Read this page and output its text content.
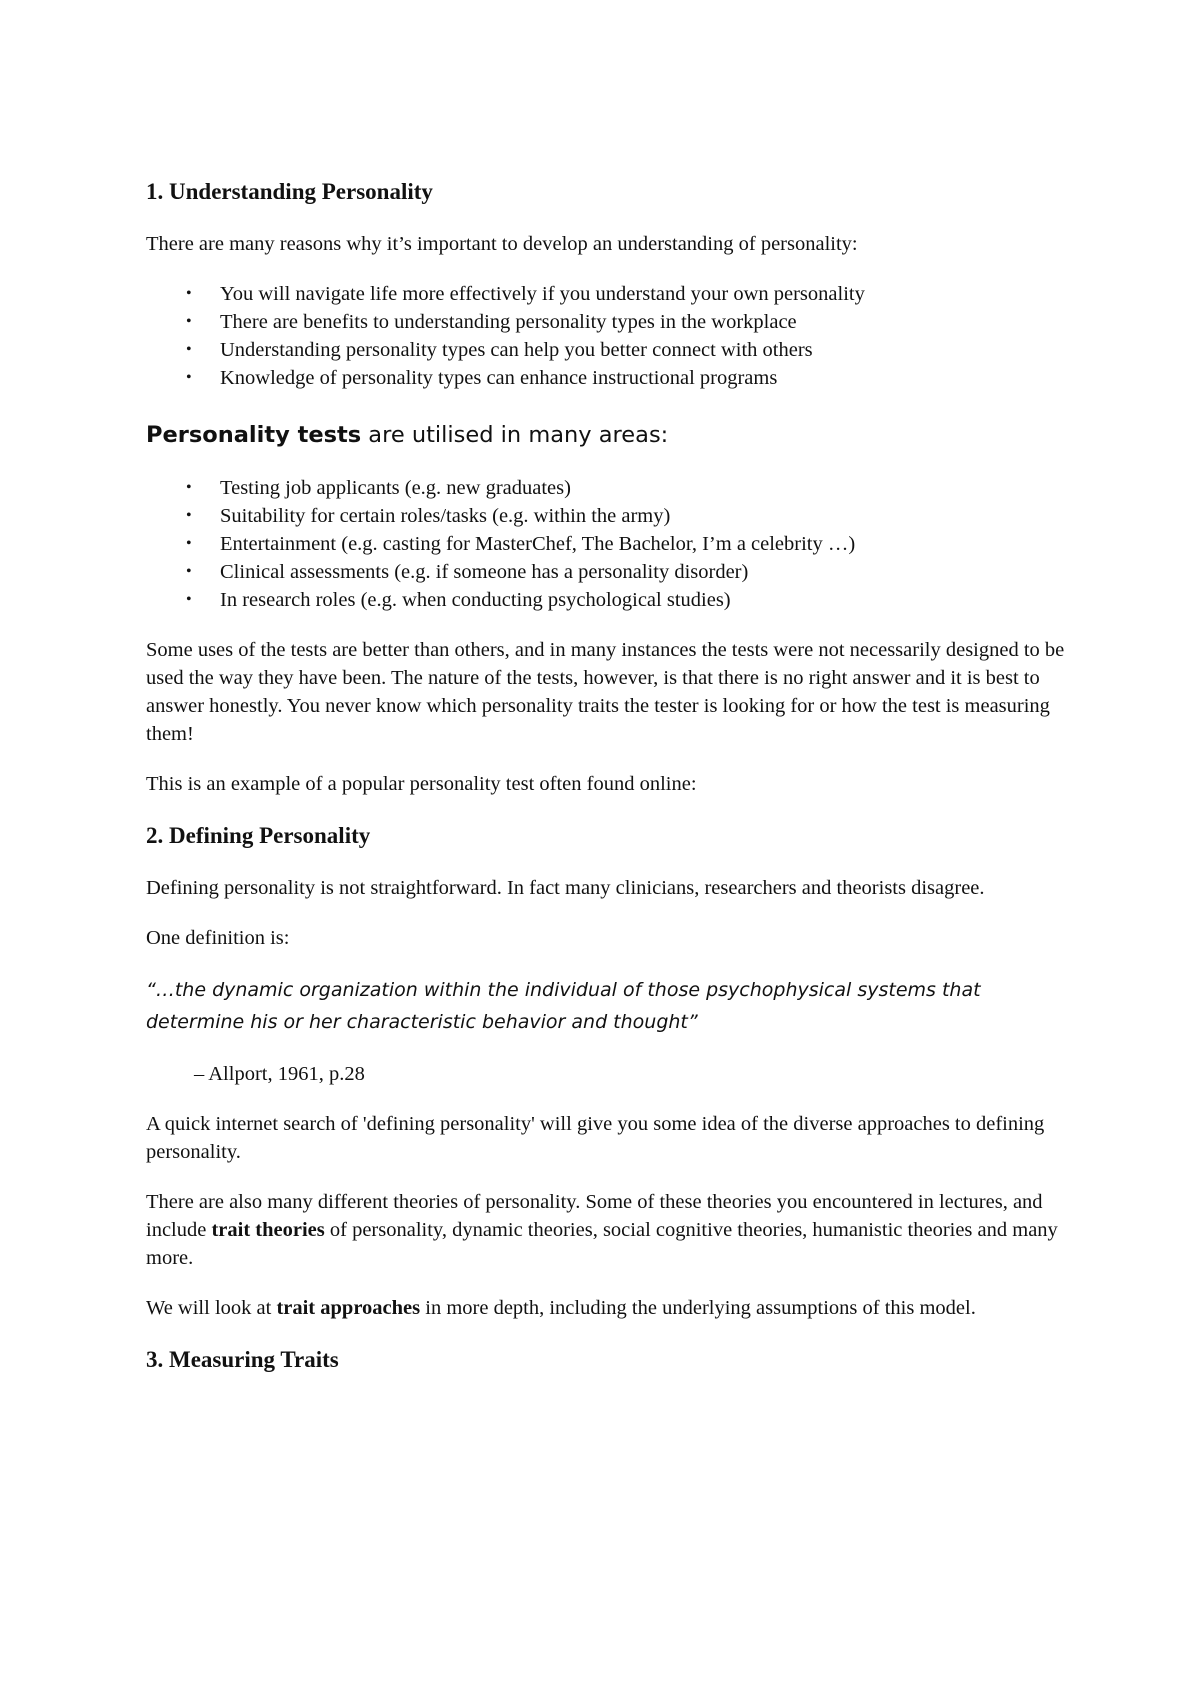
1. Understanding Personality

There are many reasons why it’s important to develop an understanding of personality:

• You will navigate life more effectively if you understand your own personality
• There are benefits to understanding personality types in the workplace
• Understanding personality types can help you better connect with others
• Knowledge of personality types can enhance instructional programs

Personality tests are utilised in many areas:

• Testing job applicants (e.g. new graduates)
• Suitability for certain roles/tasks (e.g. within the army)
• Entertainment (e.g. casting for MasterChef, The Bachelor, I’m a celebrity …)
• Clinical assessments (e.g. if someone has a personality disorder)
• In research roles (e.g. when conducting psychological studies)

Some uses of the tests are better than others, and in many instances the tests were not necessarily designed to be used the way they have been. The nature of the tests, however, is that there is no right answer and it is best to answer honestly. You never know which personality traits the tester is looking for or how the test is measuring them!

This is an example of a popular personality test often found online:

2. Defining Personality

Defining personality is not straightforward. In fact many clinicians, researchers and theorists disagree.

One definition is:

“…the dynamic organization within the individual of those psychophysical systems that determine his or her characteristic behavior and thought”

– Allport, 1961, p.28

A quick internet search of 'defining personality' will give you some idea of the diverse approaches to defining personality.

There are also many different theories of personality. Some of these theories you encountered in lectures, and include trait theories of personality, dynamic theories, social cognitive theories, humanistic theories and many more.

We will look at trait approaches in more depth, including the underlying assumptions of this model.

3. Measuring Traits
